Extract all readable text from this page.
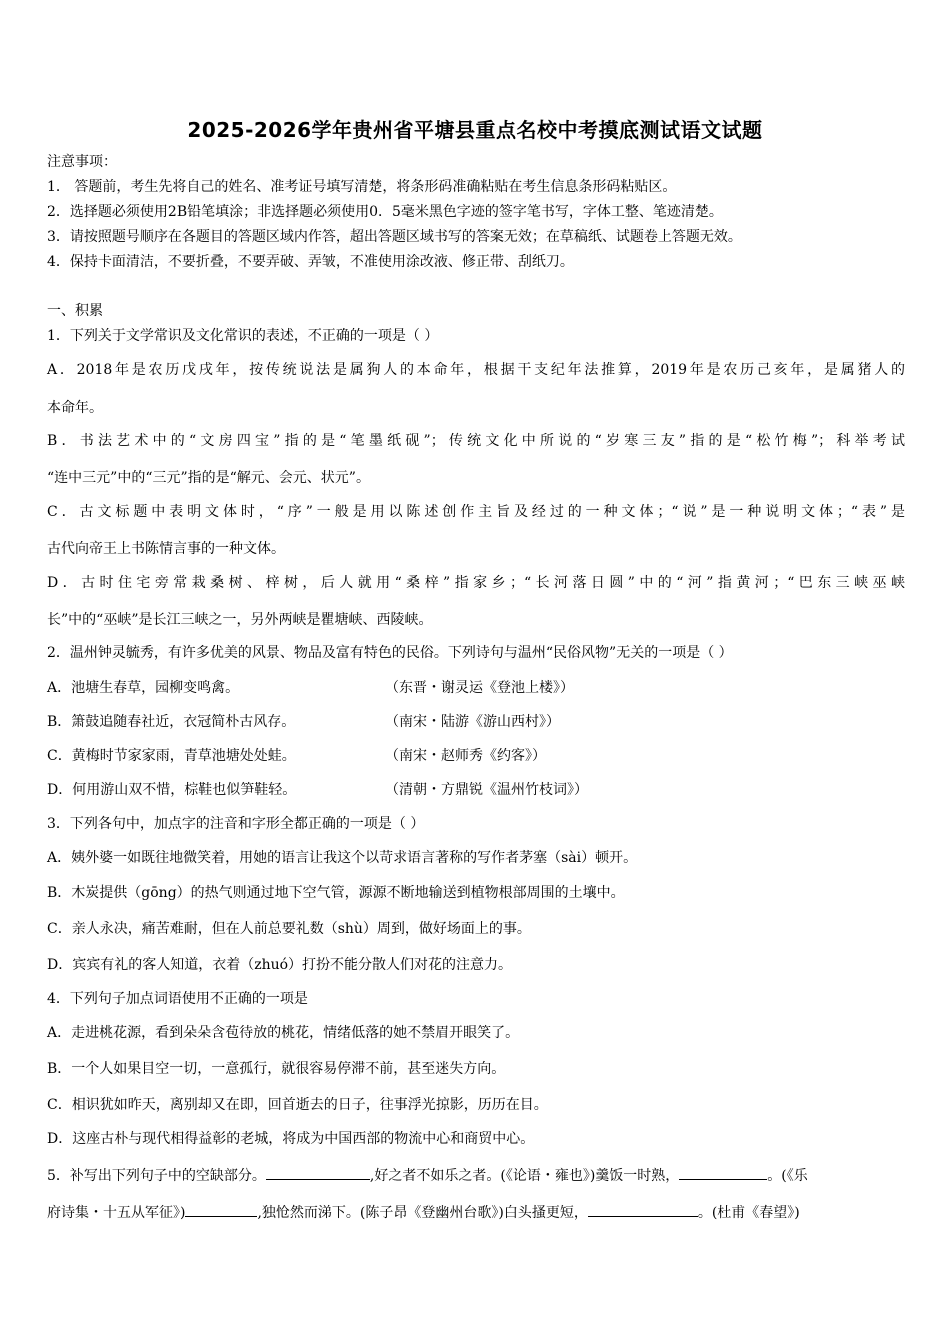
2025-2026学年贵州省平塘县重点名校中考摸底测试语文试题
注意事项：
1． 答题前，考生先将自己的姓名、准考证号填写清楚，将条形码准确粘贴在考生信息条形码粘贴区。
2．选择题必须使用2B铅笔填涂；非选择题必须使用0．5毫米黑色字迹的签字笔书写，字体工整、笔迹清楚。
3．请按照题号顺序在各题目的答题区域内作答，超出答题区域书写的答案无效；在草稿纸、试题卷上答题无效。
4．保持卡面清洁，不要折叠，不要弄破、弄皱，不准使用涂改液、修正带、刮纸刀。
一、积累
1．下列关于文学常识及文化常识的表述，不正确的一项是（ ）
A．2018年是农历戊戌年，按传统说法是属狗人的本命年，根据干支纪年法推算，2019年是农历己亥年，是属猪人的
本命年。
B．书法艺术中的“文房四宝”指的是“笔墨纸砚”；传统文化中所说的“岁寒三友”指的是“松竹梅”；科举考试
“连中三元”中的“三元”指的是“解元、会元、状元”。
C．古文标题中表明文体时，“序”一般是用以陈述创作主旨及经过的一种文体；“说”是一种说明文体；“表”是
古代向帝王上书陈情言事的一种文体。
D．古时住宅旁常栽桑树、梓树，后人就用“桑梓”指家乡；“长河落日圆”中的“河”指黄河；“巴东三峡巫峡
长”中的“巫峡”是长江三峡之一，另外两峡是瞿塘峡、西陵峡。
2．温州钟灵毓秀，有许多优美的风景、物品及富有特色的民俗。下列诗句与温州“民俗风物”无关的一项是（ ）
A．池塘生春草，园柳变鸣禽。	（东晋・谢灵运《登池上楼》）
B．箫鼓追随春社近，衣冠简朴古风存。	（南宋・陆游《游山西村》）
C．黄梅时节家家雨，青草池塘处处蛙。	（南宋・赵师秀《约客》）
D．何用游山双不惜，棕鞋也似笋鞋轻。	（清朝・方鼎锐《温州竹枝词》）
3．下列各句中，加点字的注音和字形全都正确的一项是（ ）
A．姨外婆一如既往地微笑着，用她的语言让我这个以苛求语言著称的写作者茅塞（sài）顿开。
B．木炭提供（gōng）的热气则通过地下空气管，源源不断地输送到植物根部周围的土壤中。
C．亲人永决，痛苦难耐，但在人前总要礼数（shù）周到，做好场面上的事。
D．宾宾有礼的客人知道，衣着（zhuó）打扮不能分散人们对花的注意力。
4．下列句子加点词语使用不正确的一项是
A．走进桃花源，看到朵朵含苞待放的桃花，情绪低落的她不禁眉开眼笑了。
B．一个人如果目空一切，一意孤行，就很容易停滞不前，甚至迷失方向。
C．相识犹如昨天，离别却又在即，回首逝去的日子，往事浮光掠影，历历在目。
D．这座古朴与现代相得益彰的老城，将成为中国西部的物流中心和商贸中心。
5．补写出下列句子中的空缺部分。	,好之者不如乐之者。(《论语・雍也》)羹饭一时熟，	。(《乐
府诗集・十五从军征》)	,独怆然而涕下。(陈子昂《登幽州台歌》)白头搔更短，	。(杜甫《春望》)
